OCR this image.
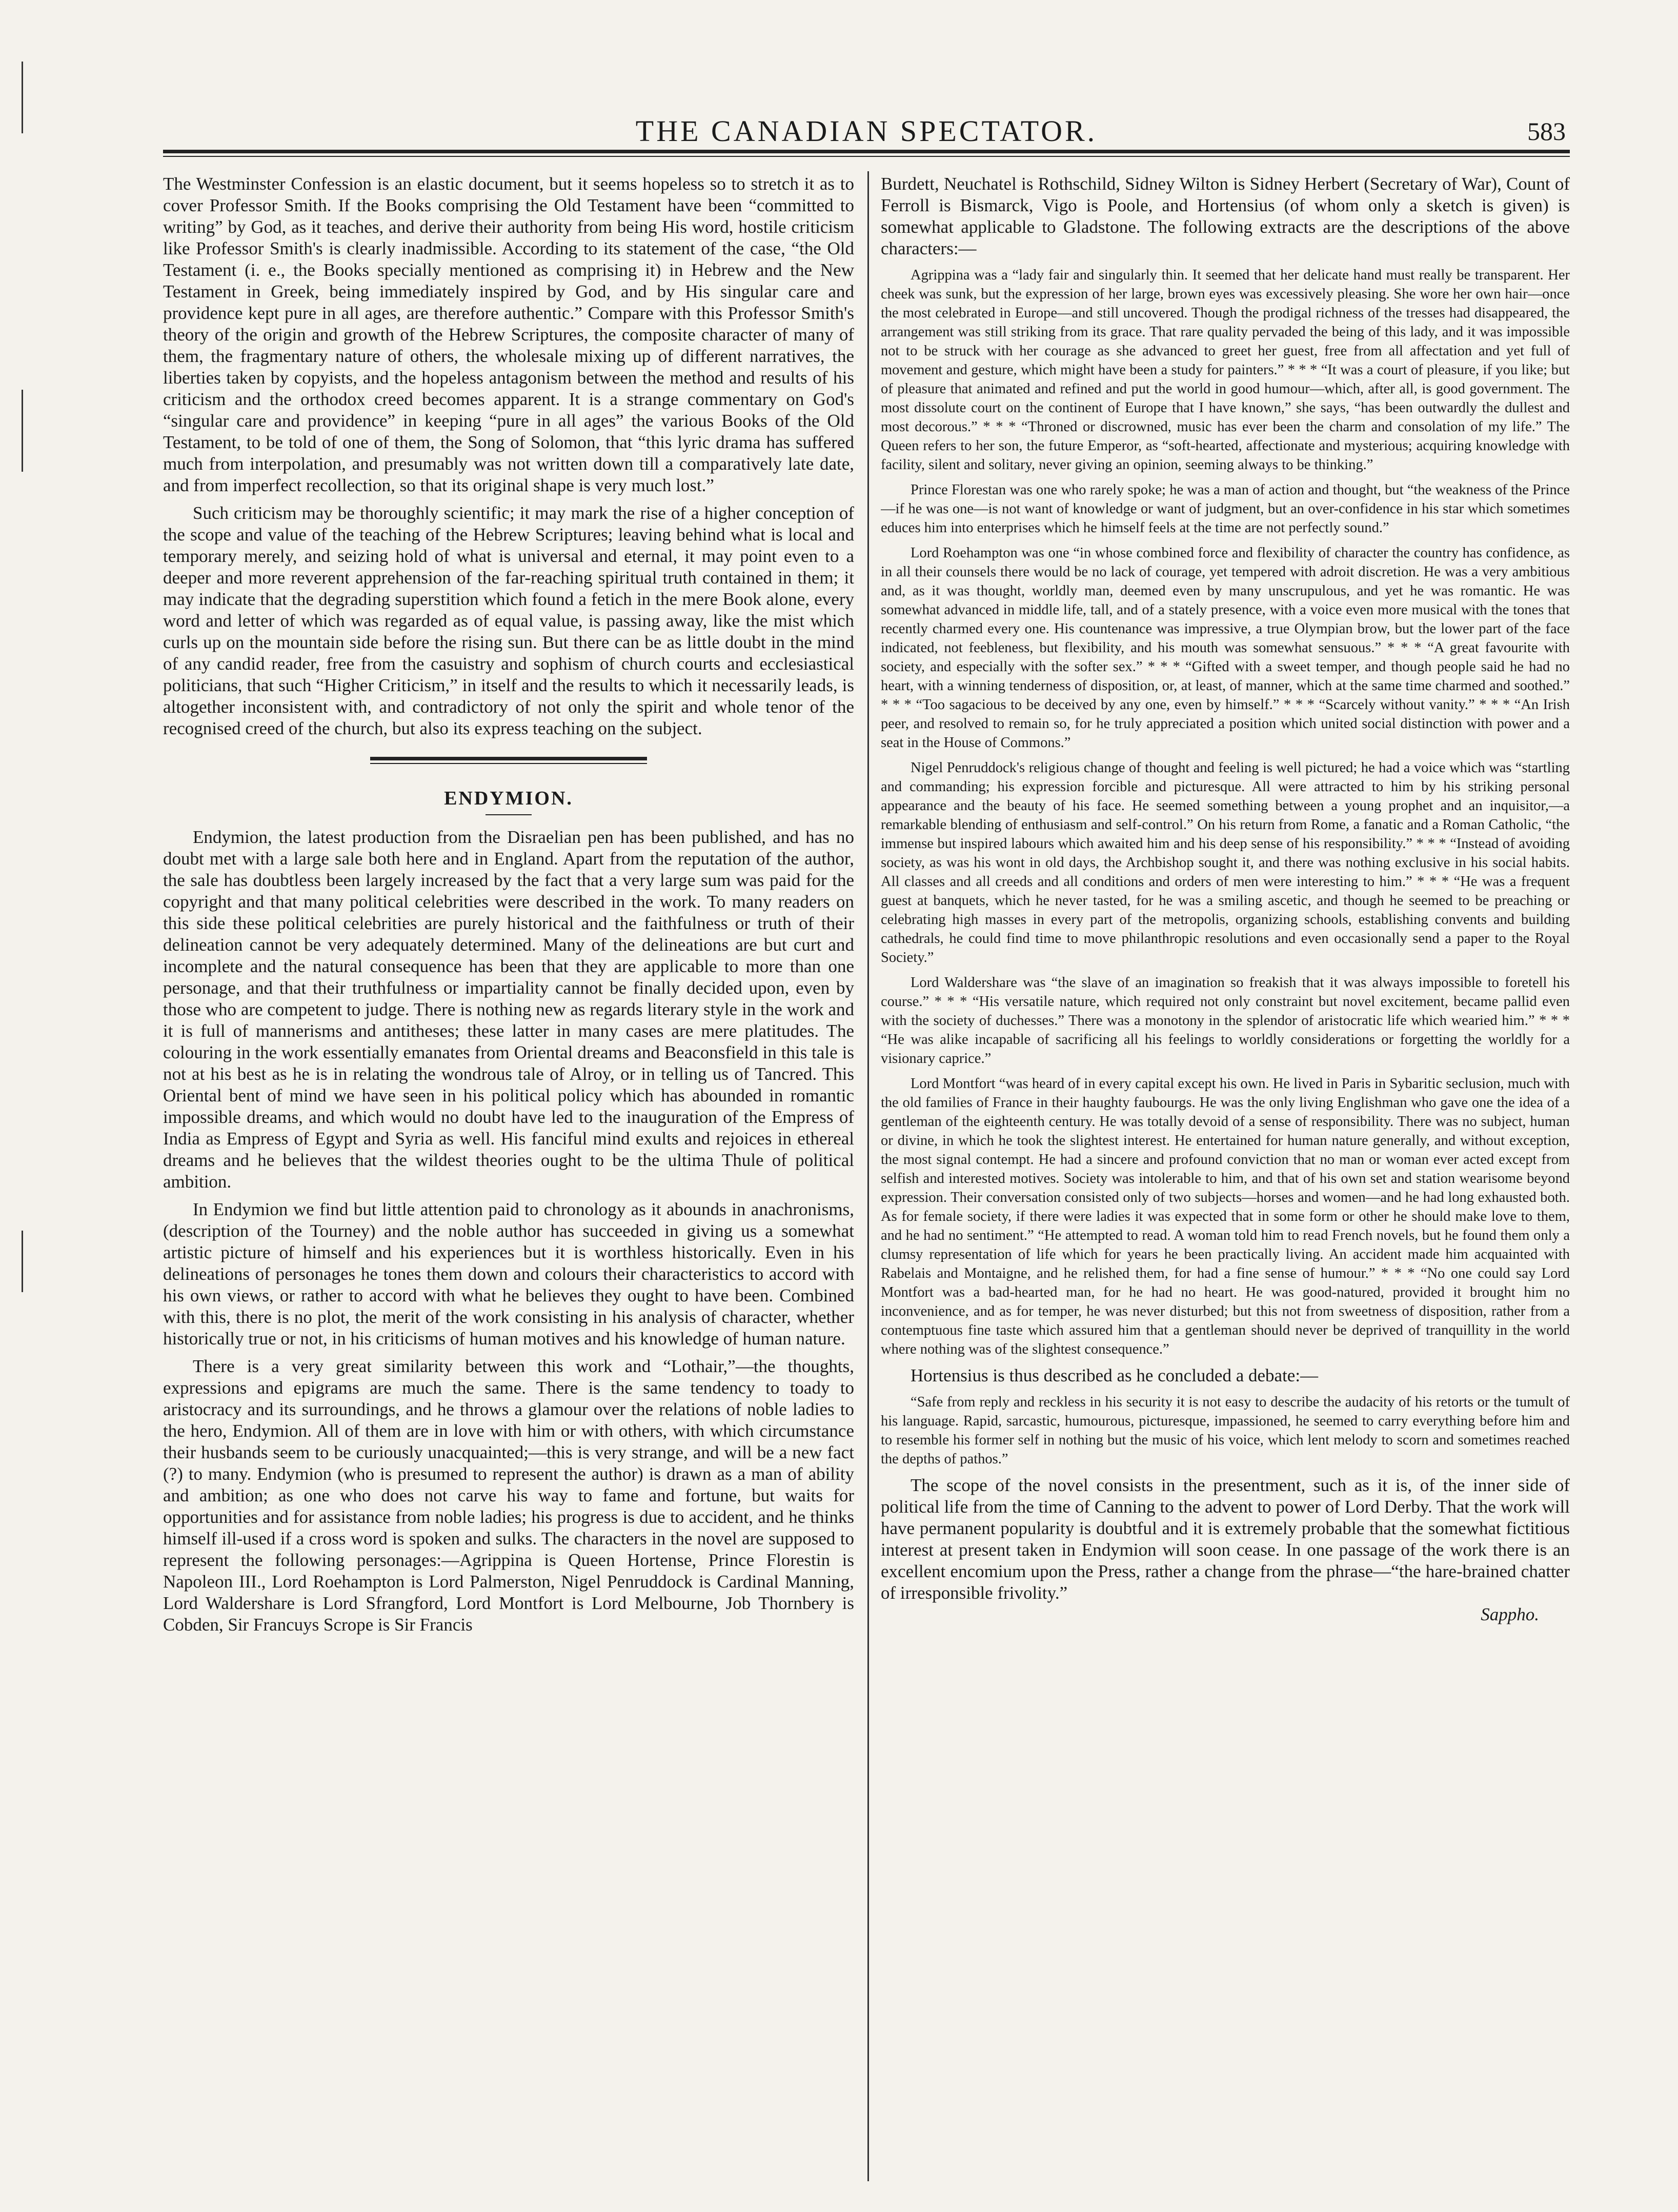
THE CANADIAN SPECTATOR.	583

The Westminster Confession is an elastic document, but it seems hopeless so to stretch it as to cover Professor Smith. If the Books comprising the Old Testament have been “committed to writing” by God, as it teaches, and derive their authority from being His word, hostile criticism like Professor Smith's is clearly inadmissible. According to its statement of the case, “the Old Testament (i. e., the Books specially mentioned as comprising it) in Hebrew and the New Testament in Greek, being immediately inspired by God, and by His singular care and providence kept pure in all ages, are therefore authentic.” Compare with this Professor Smith's theory of the origin and growth of the Hebrew Scriptures, the composite character of many of them, the fragmentary nature of others, the wholesale mixing up of different narratives, the liberties taken by copyists, and the hopeless antagonism between the method and results of his criticism and the orthodox creed becomes apparent. It is a strange commentary on God's “singular care and providence” in keeping “pure in all ages” the various Books of the Old Testament, to be told of one of them, the Song of Solomon, that “this lyric drama has suffered much from interpolation, and presumably was not written down till a comparatively late date, and from imperfect recollection, so that its original shape is very much lost.”

Such criticism may be thoroughly scientific; it may mark the rise of a higher conception of the scope and value of the teaching of the Hebrew Scriptures; leaving behind what is local and temporary merely, and seizing hold of what is universal and eternal, it may point even to a deeper and more reverent apprehension of the far-reaching spiritual truth contained in them; it may indicate that the degrading superstition which found a fetich in the mere Book alone, every word and letter of which was regarded as of equal value, is passing away, like the mist which curls up on the mountain side before the rising sun. But there can be as little doubt in the mind of any candid reader, free from the casuistry and sophism of church courts and ecclesiastical politicians, that such “Higher Criticism,” in itself and the results to which it necessarily leads, is altogether inconsistent with, and contradictory of not only the spirit and whole tenor of the recognised creed of the church, but also its express teaching on the subject.

ENDYMION.

Endymion, the latest production from the Disraelian pen has been published, and has no doubt met with a large sale both here and in England. Apart from the reputation of the author, the sale has doubtless been largely increased by the fact that a very large sum was paid for the copyright and that many political celebrities were described in the work. To many readers on this side these political celebrities are purely historical and the faithfulness or truth of their delineation cannot be very adequately determined. Many of the delineations are but curt and incomplete and the natural consequence has been that they are applicable to more than one personage, and that their truthfulness or impartiality cannot be finally decided upon, even by those who are competent to judge. There is nothing new as regards literary style in the work and it is full of mannerisms and antitheses; these latter in many cases are mere platitudes. The colouring in the work essentially emanates from Oriental dreams and Beaconsfield in this tale is not at his best as he is in relating the wondrous tale of Alroy, or in telling us of Tancred. This Oriental bent of mind we have seen in his political policy which has abounded in romantic impossible dreams, and which would no doubt have led to the inauguration of the Empress of India as Empress of Egypt and Syria as well. His fanciful mind exults and rejoices in ethereal dreams and he believes that the wildest theories ought to be the ultima Thule of political ambition.

In Endymion we find but little attention paid to chronology as it abounds in anachronisms, (description of the Tourney) and the noble author has succeeded in giving us a somewhat artistic picture of himself and his experiences but it is worthless historically. Even in his delineations of personages he tones them down and colours their characteristics to accord with his own views, or rather to accord with what he believes they ought to have been. Combined with this, there is no plot, the merit of the work consisting in his analysis of character, whether historically true or not, in his criticisms of human motives and his knowledge of human nature.

There is a very great similarity between this work and “Lothair,”—the thoughts, expressions and epigrams are much the same. There is the same tendency to toady to aristocracy and its surroundings, and he throws a glamour over the relations of noble ladies to the hero, Endymion. All of them are in love with him or with others, with which circumstance their husbands seem to be curiously unacquainted;—this is very strange, and will be a new fact (?) to many. Endymion (who is presumed to represent the author) is drawn as a man of ability and ambition; as one who does not carve his way to fame and fortune, but waits for opportunities and for assistance from noble ladies; his progress is due to accident, and he thinks himself ill-used if a cross word is spoken and sulks. The characters in the novel are supposed to represent the following personages:—Agrippina is Queen Hortense, Prince Florestin is Napoleon III., Lord Roehampton is Lord Palmerston, Nigel Penruddock is Cardinal Manning, Lord Waldershare is Lord Sfrangford, Lord Montfort is Lord Melbourne, Job Thornbery is Cobden, Sir Francuys Scrope is Sir Francis

Burdett, Neuchatel is Rothschild, Sidney Wilton is Sidney Herbert (Secretary of War), Count of Ferroll is Bismarck, Vigo is Poole, and Hortensius (of whom only a sketch is given) is somewhat applicable to Gladstone. The following extracts are the descriptions of the above characters:—

Agrippina was a “lady fair and singularly thin. It seemed that her delicate hand must really be transparent. Her cheek was sunk, but the expression of her large, brown eyes was excessively pleasing. She wore her own hair—once the most celebrated in Europe—and still uncovered. Though the prodigal richness of the tresses had disappeared, the arrangement was still striking from its grace. That rare quality pervaded the being of this lady, and it was impossible not to be struck with her courage as she advanced to greet her guest, free from all affectation and yet full of movement and gesture, which might have been a study for painters.” * * * “It was a court of pleasure, if you like; but of pleasure that animated and refined and put the world in good humour—which, after all, is good government. The most dissolute court on the continent of Europe that I have known,” she says, “has been outwardly the dullest and most decorous.” * * * “Throned or discrowned, music has ever been the charm and consolation of my life.” The Queen refers to her son, the future Emperor, as “soft-hearted, affectionate and mysterious; acquiring knowledge with facility, silent and solitary, never giving an opinion, seeming always to be thinking.”

Prince Florestan was one who rarely spoke; he was a man of action and thought, but “the weakness of the Prince—if he was one—is not want of knowledge or want of judgment, but an over-confidence in his star which sometimes educes him into enterprises which he himself feels at the time are not perfectly sound.”

Lord Roehampton was one “in whose combined force and flexibility of character the country has confidence, as in all their counsels there would be no lack of courage, yet tempered with adroit discretion. He was a very ambitious and, as it was thought, worldly man, deemed even by many unscrupulous, and yet he was romantic. He was somewhat advanced in middle life, tall, and of a stately presence, with a voice even more musical with the tones that recently charmed every one. His countenance was impressive, a true Olympian brow, but the lower part of the face indicated, not feebleness, but flexibility, and his mouth was somewhat sensuous.” * * * “A great favourite with society, and especially with the softer sex.” * * * “Gifted with a sweet temper, and though people said he had no heart, with a winning tenderness of disposition, or, at least, of manner, which at the same time charmed and soothed.” * * * “Too sagacious to be deceived by any one, even by himself.” * * * “Scarcely without vanity.” * * * “An Irish peer, and resolved to remain so, for he truly appreciated a position which united social distinction with power and a seat in the House of Commons.”

Nigel Penruddock's religious change of thought and feeling is well pictured; he had a voice which was “startling and commanding; his expression forcible and picturesque. All were attracted to him by his striking personal appearance and the beauty of his face. He seemed something between a young prophet and an inquisitor,—a remarkable blending of enthusiasm and self-control.” On his return from Rome, a fanatic and a Roman Catholic, “the immense but inspired labours which awaited him and his deep sense of his responsibility.” * * * “Instead of avoiding society, as was his wont in old days, the Archbishop sought it, and there was nothing exclusive in his social habits. All classes and all creeds and all conditions and orders of men were interesting to him.” * * * “He was a frequent guest at banquets, which he never tasted, for he was a smiling ascetic, and though he seemed to be preaching or celebrating high masses in every part of the metropolis, organizing schools, establishing convents and building cathedrals, he could find time to move philanthropic resolutions and even occasionally send a paper to the Royal Society.”

Lord Waldershare was “the slave of an imagination so freakish that it was always impossible to foretell his course.” * * * “His versatile nature, which required not only constraint but novel excitement, became pallid even with the society of duchesses.” There was a monotony in the splendor of aristocratic life which wearied him.” * * * “He was alike incapable of sacrificing all his feelings to worldly considerations or forgetting the worldly for a visionary caprice.”

Lord Montfort “was heard of in every capital except his own. He lived in Paris in Sybaritic seclusion, much with the old families of France in their haughty faubourgs. He was the only living Englishman who gave one the idea of a gentleman of the eighteenth century. He was totally devoid of a sense of responsibility. There was no subject, human or divine, in which he took the slightest interest. He entertained for human nature generally, and without exception, the most signal contempt. He had a sincere and profound conviction that no man or woman ever acted except from selfish and interested motives. Society was intolerable to him, and that of his own set and station wearisome beyond expression. Their conversation consisted only of two subjects—horses and women—and he had long exhausted both. As for female society, if there were ladies it was expected that in some form or other he should make love to them, and he had no sentiment.” “He attempted to read. A woman told him to read French novels, but he found them only a clumsy representation of life which for years he been practically living. An accident made him acquainted with Rabelais and Montaigne, and he relished them, for had a fine sense of humour.” * * * “No one could say Lord Montfort was a bad-hearted man, for he had no heart. He was good-natured, provided it brought him no inconvenience, and as for temper, he was never disturbed; but this not from sweetness of disposition, rather from a contemptuous fine taste which assured him that a gentleman should never be deprived of tranquillity in the world where nothing was of the slightest consequence.”

Hortensius is thus described as he concluded a debate:—

“Safe from reply and reckless in his security it is not easy to describe the audacity of his retorts or the tumult of his language. Rapid, sarcastic, humourous, picturesque, impassioned, he seemed to carry everything before him and to resemble his former self in nothing but the music of his voice, which lent melody to scorn and sometimes reached the depths of pathos.”

The scope of the novel consists in the presentment, such as it is, of the inner side of political life from the time of Canning to the advent to power of Lord Derby. That the work will have permanent popularity is doubtful and it is extremely probable that the somewhat fictitious interest at present taken in Endymion will soon cease. In one passage of the work there is an excellent encomium upon the Press, rather a change from the phrase—“the hare-brained chatter of irresponsible frivolity.”

Sappho.
